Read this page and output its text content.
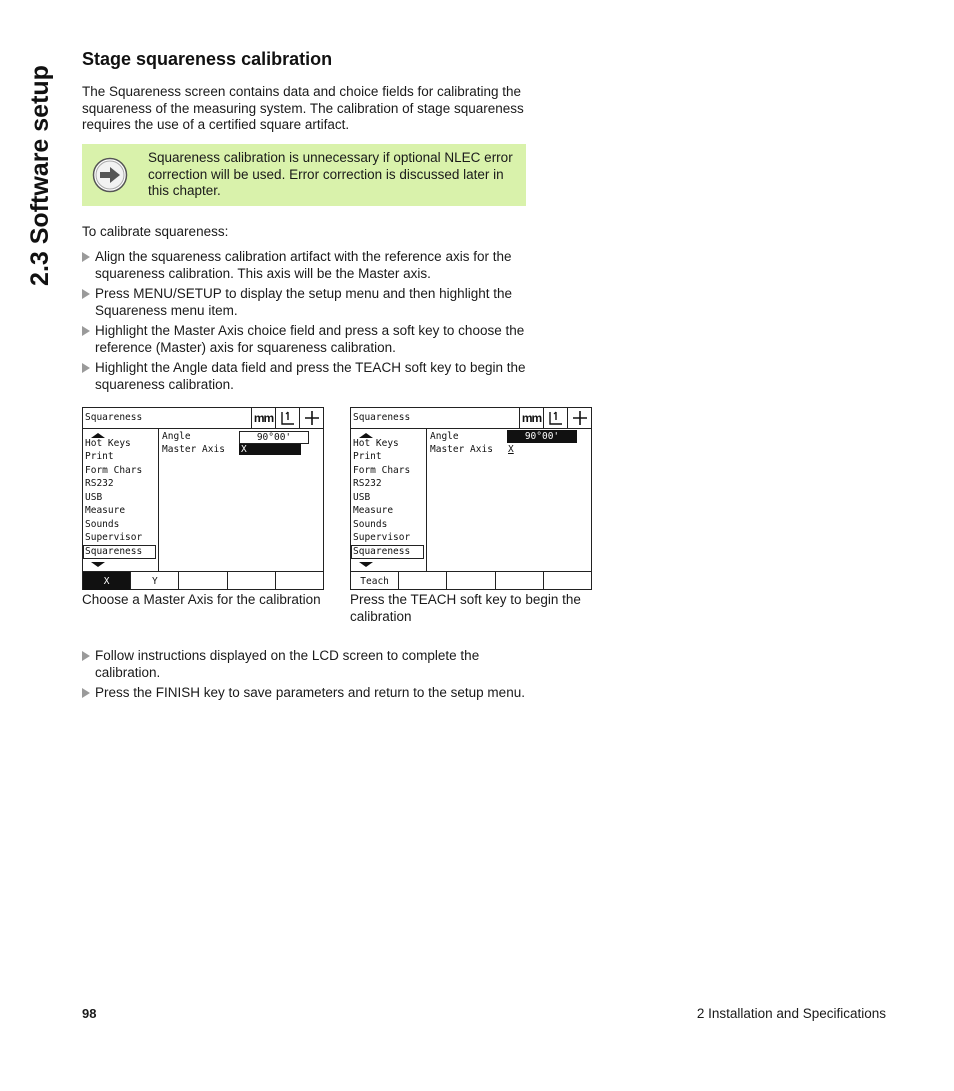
2.3 Software setup
Stage squareness calibration
The Squareness screen contains data and choice fields for calibrating the squareness of the measuring system. The calibration of stage squareness requires the use of a certified square artifact.
Squareness calibration is unnecessary if optional NLEC error correction will be used. Error correction is discussed later in this chapter.
To calibrate squareness:
Align the squareness calibration artifact with the reference axis for the squareness calibration. This axis will be the Master axis.
Press MENU/SETUP to display the setup menu and then highlight the Squareness menu item.
Highlight the Master Axis choice field and press a soft key to choose the reference (Master) axis for squareness calibration.
Highlight the Angle data field and press the TEACH soft key to begin the squareness calibration.
Squareness	mm
Hot Keys
Print
Form Chars
RS232
USB
Measure
Sounds
Supervisor
Squareness
Angle
Master Axis
90°00'
X
X	Y
Squareness	mm
Hot Keys
Print
Form Chars
RS232
USB
Measure
Sounds
Supervisor
Squareness
Angle
Master Axis
90°00'
X
Teach
Choose a Master Axis for the calibration	Press the TEACH soft key to begin the calibration
Follow instructions displayed on the LCD screen to complete the calibration.
Press the FINISH key to save parameters and return to the setup menu.
98	2 Installation and Specifications
